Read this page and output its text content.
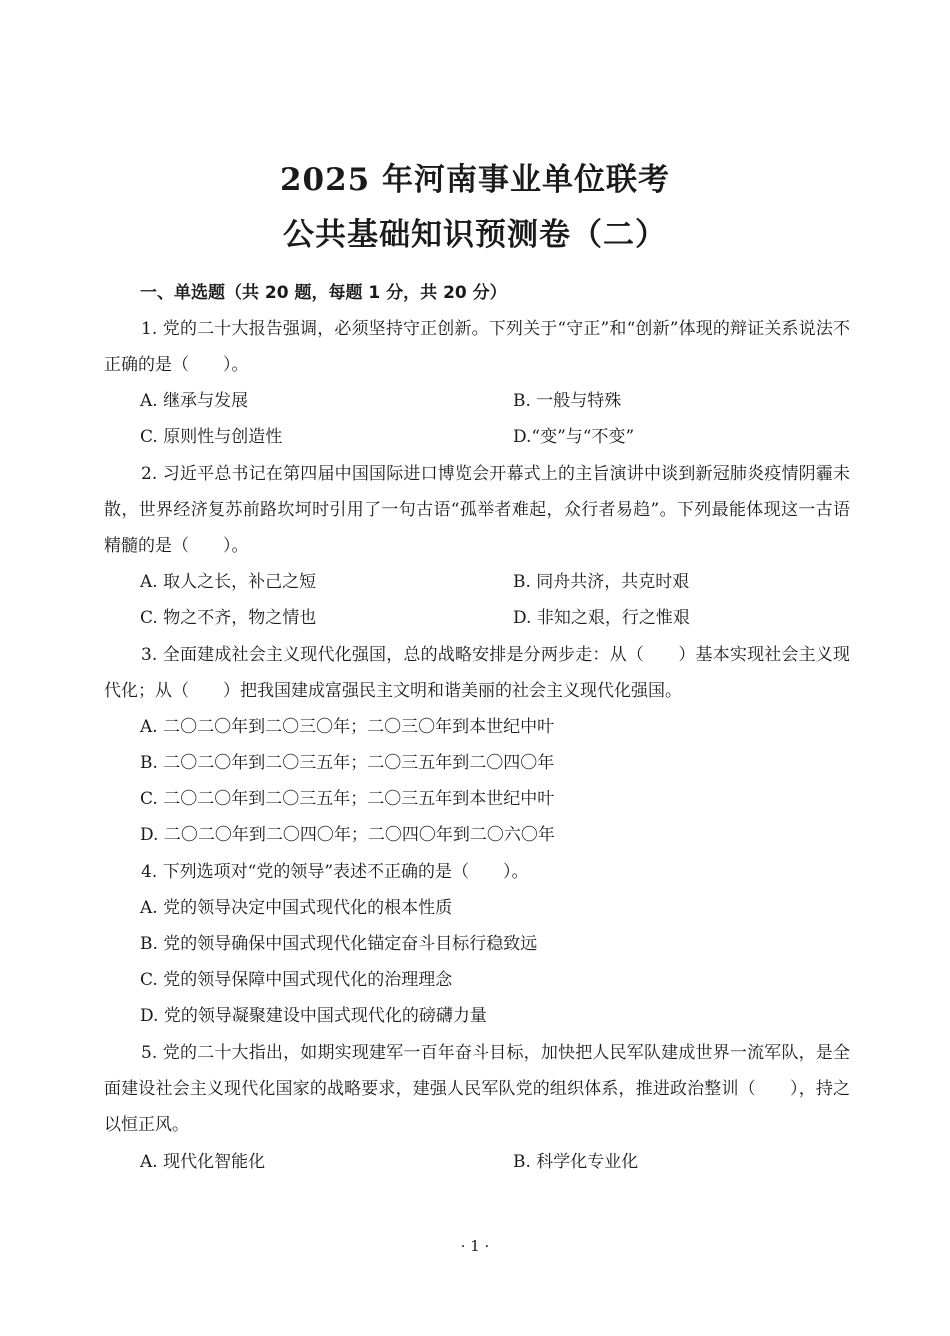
2025 年河南事业单位联考
公共基础知识预测卷（二）
一、单选题（共 20 题，每题 1 分，共 20 分）
1. 党的二十大报告强调，必须坚持守正创新。下列关于“守正”和“创新”体现的辩证关系说法不正确的是（　　）。
A. 继承与发展	B. 一般与特殊
C. 原则性与创造性	D.“变”与“不变”
2. 习近平总书记在第四届中国国际进口博览会开幕式上的主旨演讲中谈到新冠肺炎疫情阴霾未散，世界经济复苏前路坎坷时引用了一句古语“孤举者难起，众行者易趋”。下列最能体现这一古语精髓的是（　　）。
A. 取人之长，补己之短	B. 同舟共济，共克时艰
C. 物之不齐，物之情也	D. 非知之艰，行之惟艰
3. 全面建成社会主义现代化强国，总的战略安排是分两步走：从（　　）基本实现社会主义现代化；从（　　）把我国建成富强民主文明和谐美丽的社会主义现代化强国。
A. 二〇二〇年到二〇三〇年；二〇三〇年到本世纪中叶
B. 二〇二〇年到二〇三五年；二〇三五年到二〇四〇年
C. 二〇二〇年到二〇三五年；二〇三五年到本世纪中叶
D. 二〇二〇年到二〇四〇年；二〇四〇年到二〇六〇年
4. 下列选项对“党的领导”表述不正确的是（　　）。
A. 党的领导决定中国式现代化的根本性质
B. 党的领导确保中国式现代化锚定奋斗目标行稳致远
C. 党的领导保障中国式现代化的治理理念
D. 党的领导凝聚建设中国式现代化的磅礴力量
5. 党的二十大指出，如期实现建军一百年奋斗目标，加快把人民军队建成世界一流军队，是全面建设社会主义现代化国家的战略要求，建强人民军队党的组织体系，推进政治整训（　　），持之以恒正风。
A. 现代化智能化	B. 科学化专业化
· 1 ·
